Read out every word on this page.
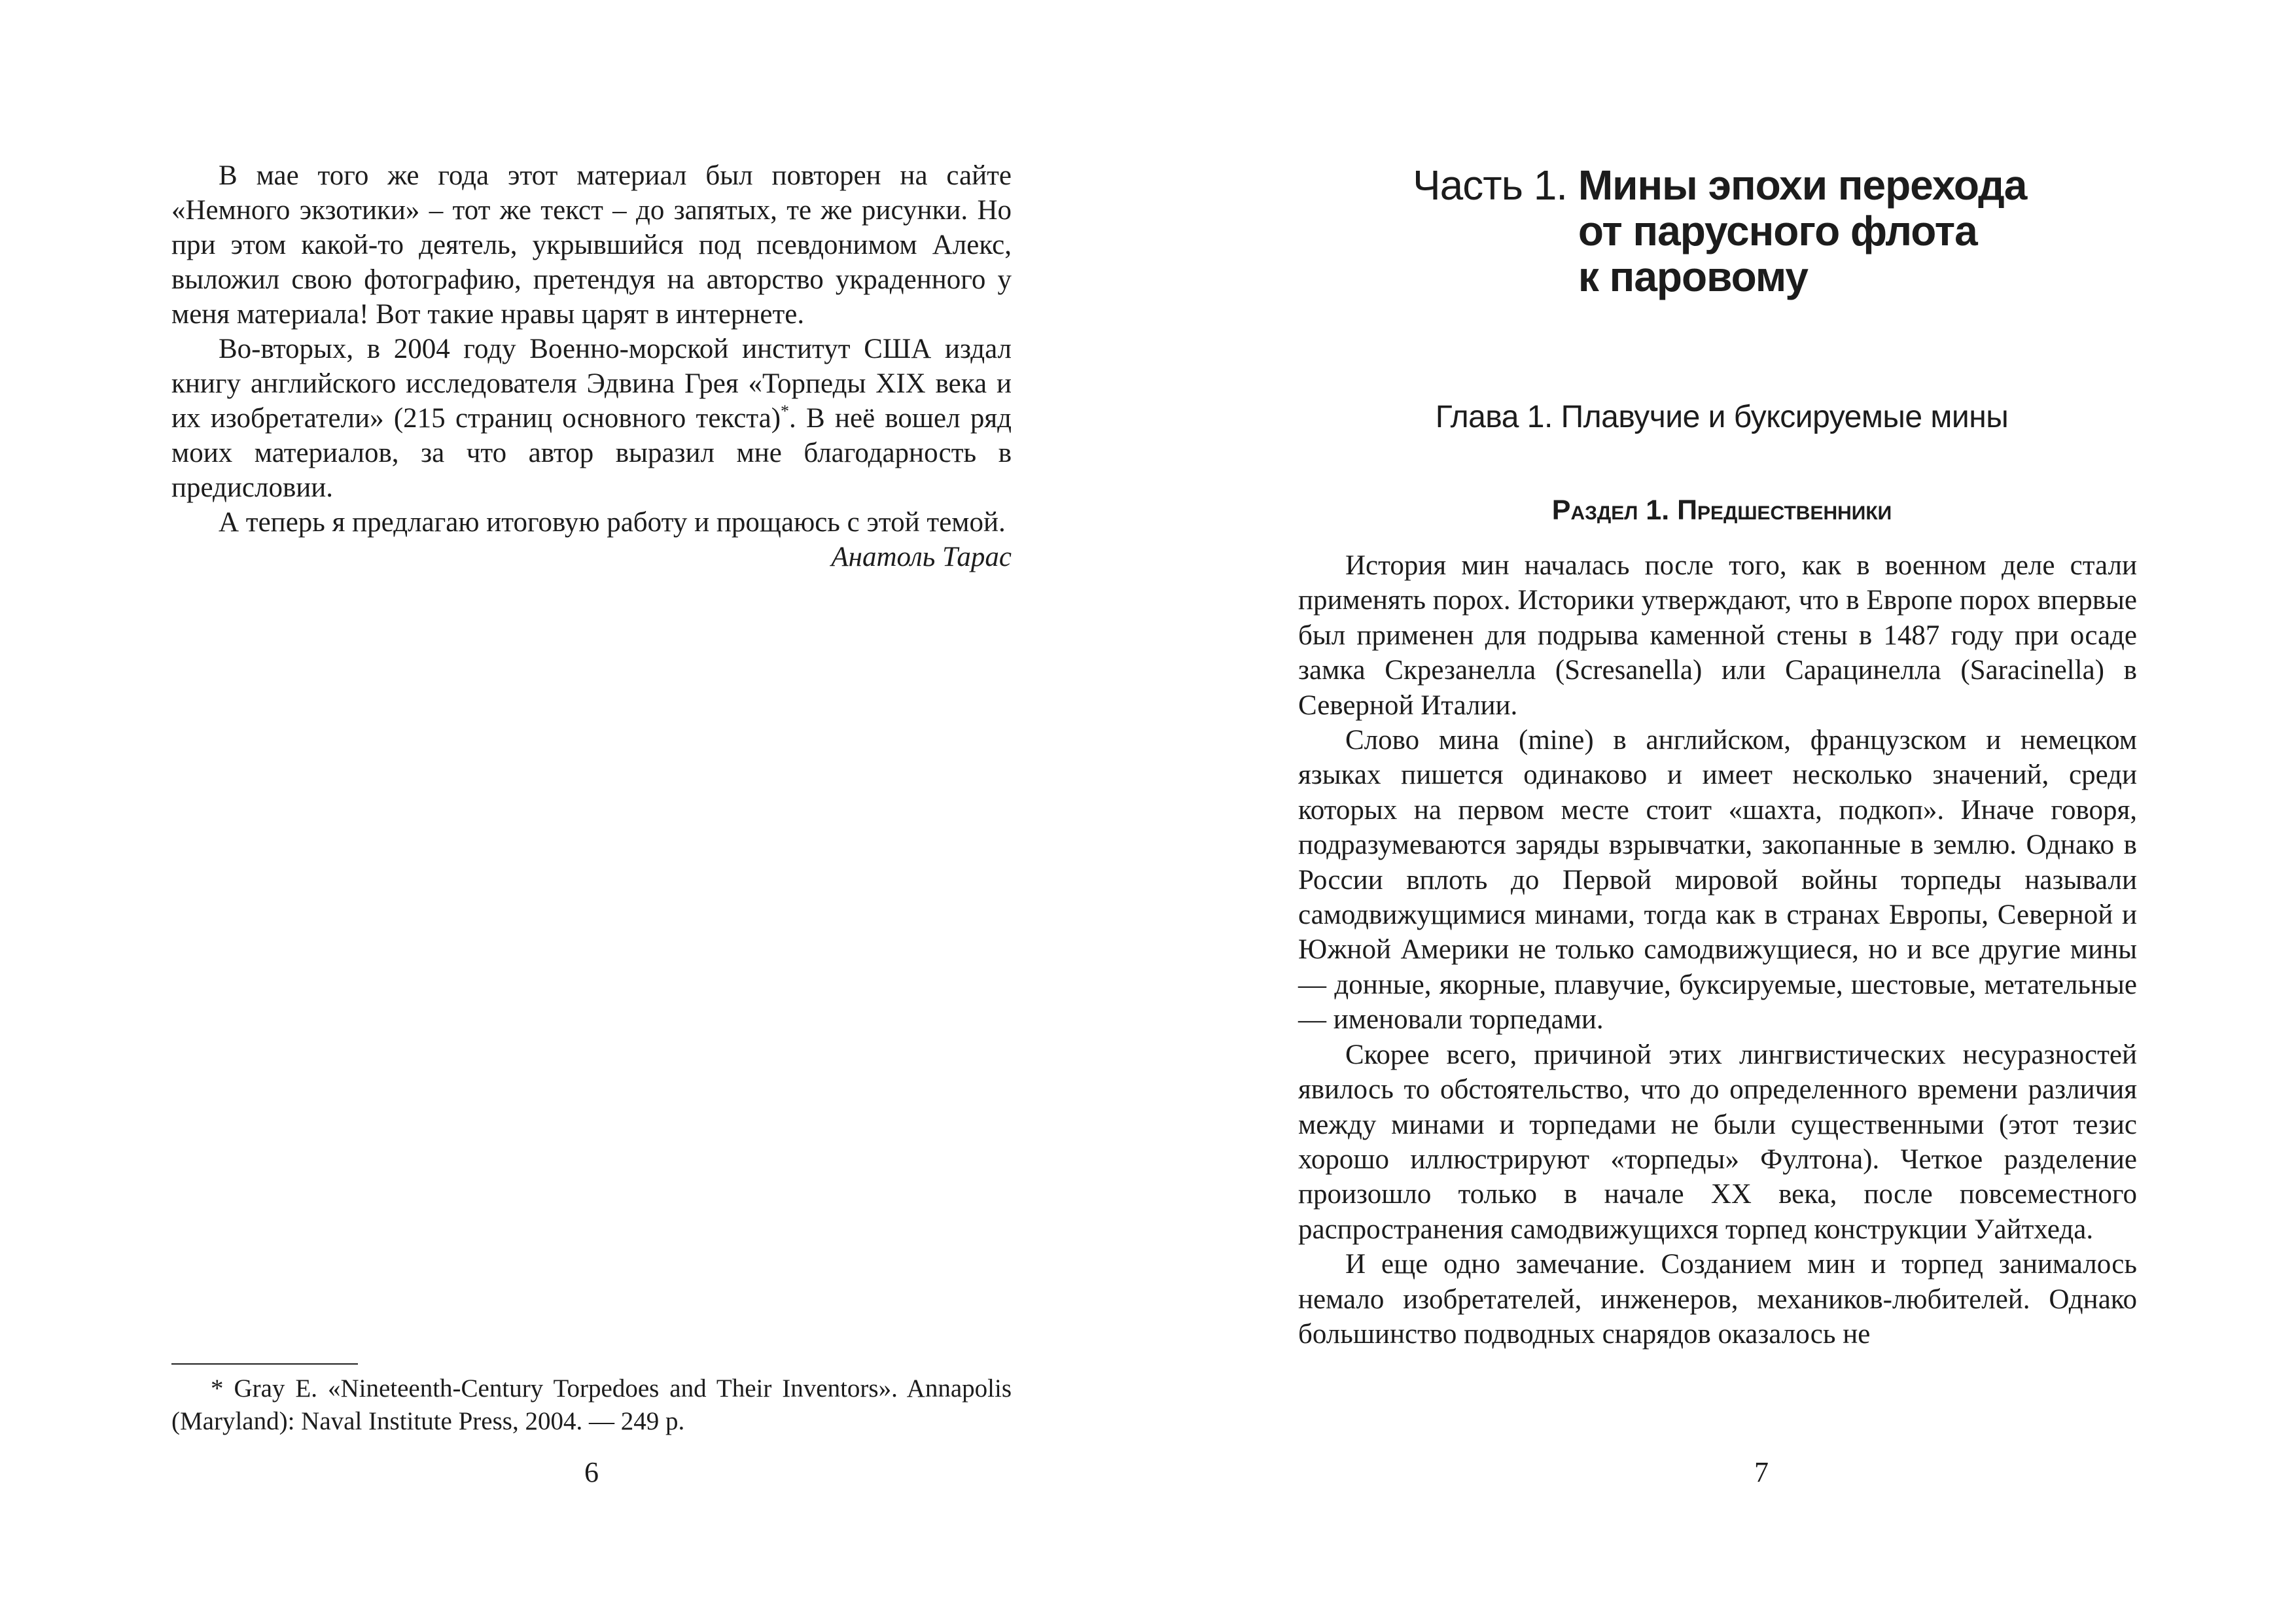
В мае того же года этот материал был повторен на сайте «Немного экзотики» – тот же текст – до запятых, те же рисунки. Но при этом какой-то деятель, укрывшийся под псевдонимом Алекс, выложил свою фотографию, претендуя на авторство украденного у меня материала! Вот такие нравы царят в интернете.

Во-вторых, в 2004 году Военно-морской институт США издал книгу английского исследователя Эдвина Грея «Торпеды XIX века и их изобретатели» (215 страниц основного текста)*. В неё вошел ряд моих материалов, за что автор выразил мне благодарность в предисловии.

А теперь я предлагаю итоговую работу и прощаюсь с этой темой.

Анатоль Тарас

* Gray E. «Nineteenth-Century Torpedoes and Their Inventors». Annapolis (Maryland): Naval Institute Press, 2004. — 249 p.

6
Часть 1. Мины эпохи перехода
от парусного флота
к паровому
Глава 1. Плавучие и буксируемые мины
Раздел 1. Предшественники

История мин началась после того, как в военном деле стали применять порох. Историки утверждают, что в Европе порох впервые был применен для подрыва каменной стены в 1487 году при осаде замка Скрезанелла (Scresanella) или Сарацинелла (Saracinella) в Северной Италии.

Слово мина (mine) в английском, французском и немецком языках пишется одинаково и имеет несколько значений, среди которых на первом месте стоит «шахта, подкоп». Иначе говоря, подразумеваются заряды взрывчатки, закопанные в землю. Однако в России вплоть до Первой мировой войны торпеды называли самодвижущимися минами, тогда как в странах Европы, Северной и Южной Америки не только самодвижущиеся, но и все другие мины — донные, якорные, плавучие, буксируемые, шестовые, метательные — именовали торпедами.

Скорее всего, причиной этих лингвистических несуразностей явилось то обстоятельство, что до определенного времени различия между минами и торпедами не были существенными (этот тезис хорошо иллюстрируют «торпеды» Фултона). Четкое разделение произошло только в начале XX века, после повсеместного распространения самодвижущихся торпед конструкции Уайтхеда.

И еще одно замечание. Созданием мин и торпед занималось немало изобретателей, инженеров, механиков-любителей. Однако большинство подводных снарядов оказалось не

7
